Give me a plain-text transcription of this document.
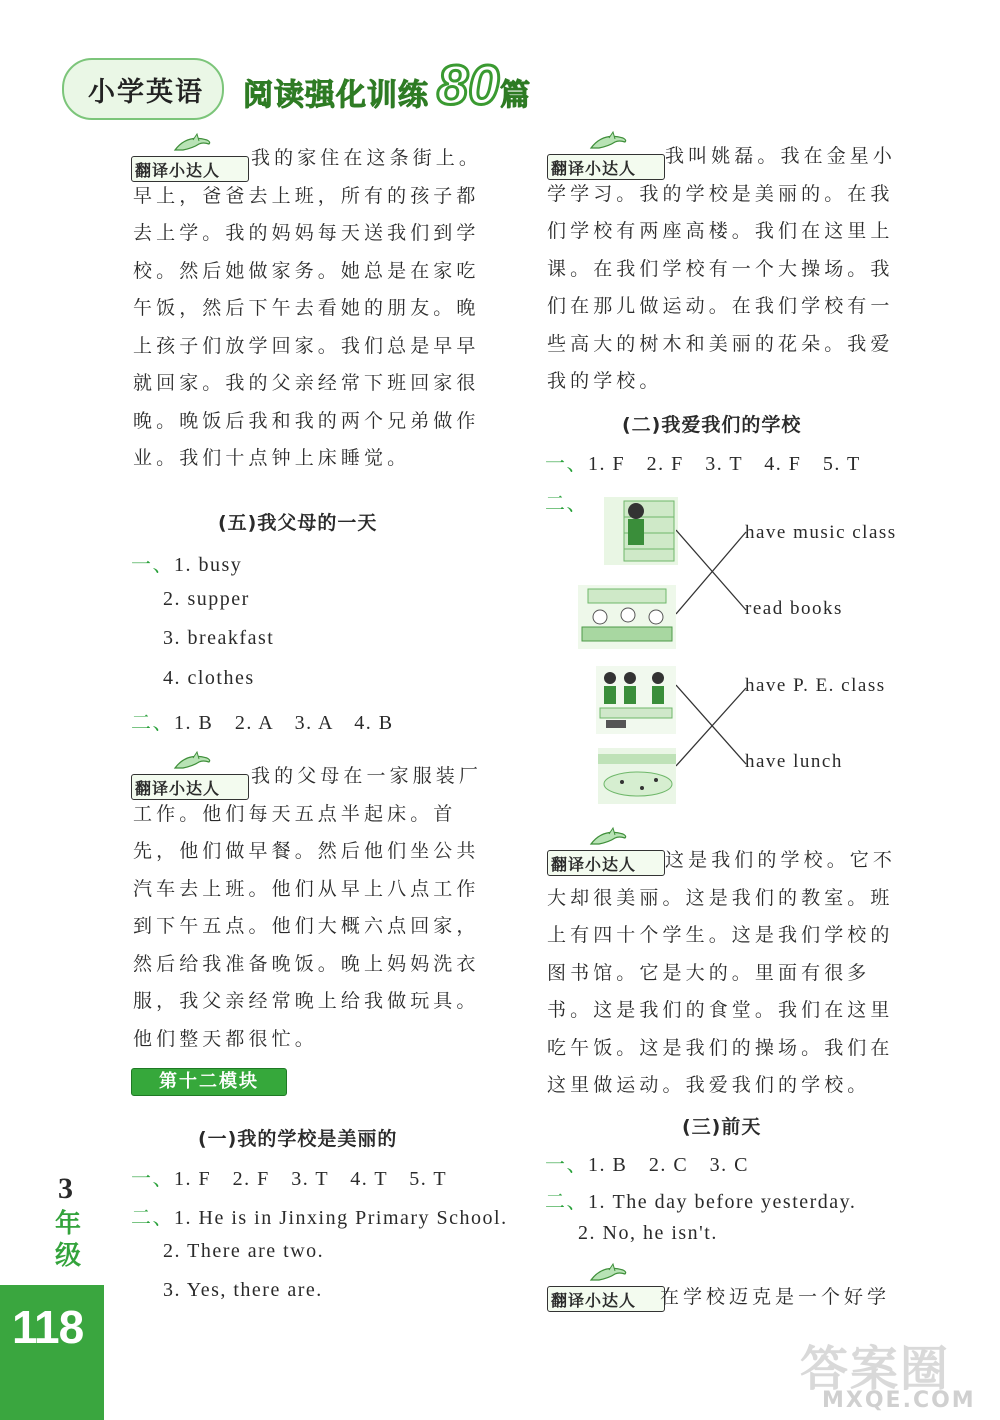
小学英语 阅读强化训练 80 篇
翻译小达人
我的家住在这条街上。早上，爸爸去上班，所有的孩子都去上学。我的妈妈每天送我们到学校。然后她做家务。她总是在家吃午饭，然后下午去看她的朋友。晚上孩子们放学回家。我们总是早早就回家。我的父亲经常下班回家很晚。晚饭后我和我的两个兄弟做作业。我们十点钟上床睡觉。
(五)我父母的一天
一、1. busy
2. supper
3. breakfast
4. clothes
二、1. B　2. A　3. A　4. B
翻译小达人
我的父母在一家服装厂工作。他们每天五点半起床。首先，他们做早餐。然后他们坐公共汽车去上班。他们从早上八点工作到下午五点。他们大概六点回家，然后给我准备晚饭。晚上妈妈洗衣服，我父亲经常晚上给我做玩具。他们整天都很忙。
第十二模块
(一)我的学校是美丽的
一、1. F　2. F　3. T　4. T　5. T
二、1. He is in Jinxing Primary School.
2. There are two.
3. Yes, there are.
翻译小达人
我叫姚磊。我在金星小学学习。我的学校是美丽的。在我们学校有两座高楼。我们在这里上课。在我们学校有一个大操场。我们在那儿做运动。在我们学校有一些高大的树木和美丽的花朵。我爱我的学校。
(二)我爱我们的学校
一、1. F　2. F　3. T　4. F　5. T
二、
have music class
read books
have P. E. class
have lunch
翻译小达人	这是我们的学校。它不大却很美丽。这是我们的教室。班上有四十个学生。这是我们学校的图书馆。它是大的。里面有很多书。这是我们的食堂。我们在这里吃午饭。这是我们的操场。我们在这里做运动。我爱我们的学校。
(三)前天
一、1. B　2. C　3. C
二、1. The day before yesterday.
2. No, he isn't.
翻译小达人 在学校迈克是一个好学
3
年级
118
答案圈
MXQE.COM
